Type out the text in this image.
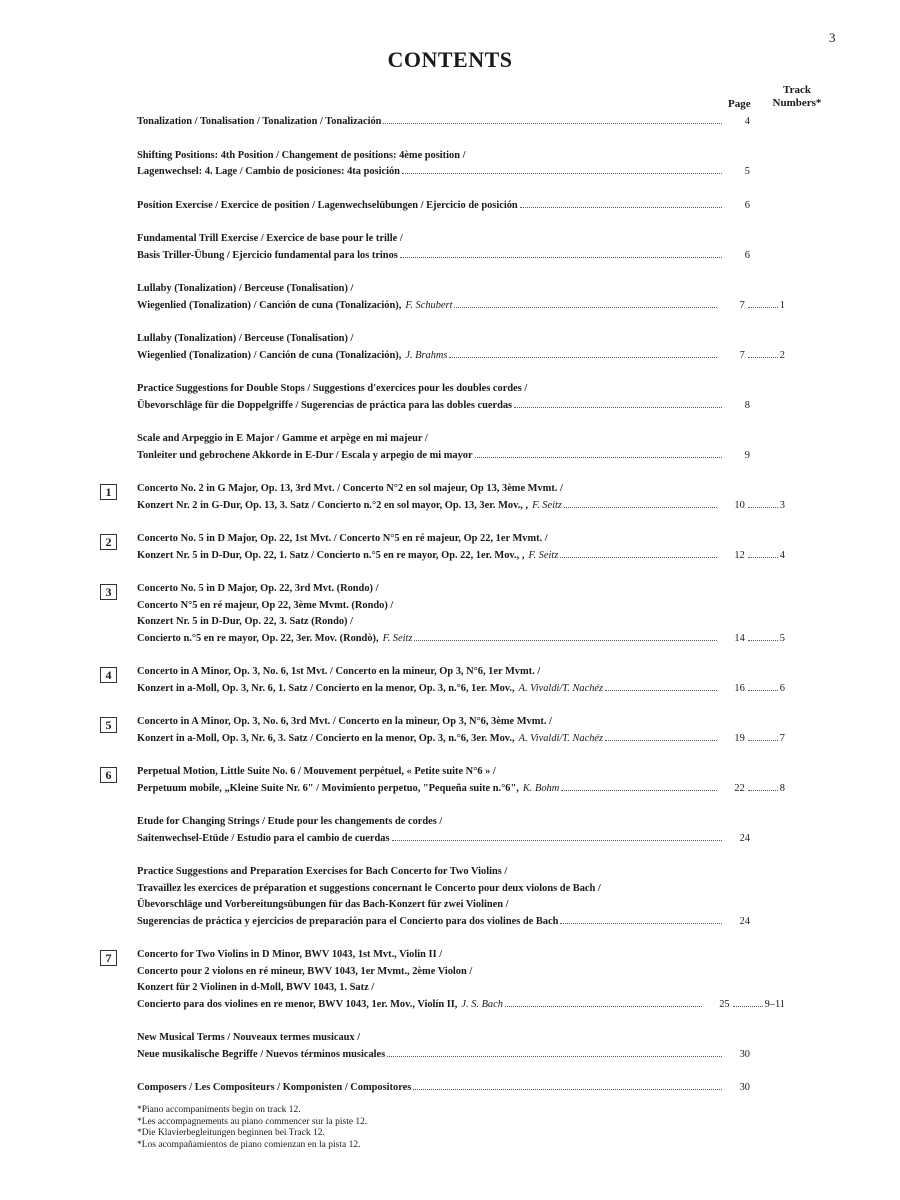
3
CONTENTS
Page
Track
Numbers*
Tonalization / Tonalisation / Tonalization / Tonalización	4
Shifting Positions: 4th Position / Changement de positions: 4ème position /
Lagenwechsel: 4. Lage / Cambio de posiciones: 4ta posición	5
Position Exercise / Exercice de position / Lagenwechselübungen / Ejercicio de posición	6
Fundamental Trill Exercise / Exercice de base pour le trille /
Basis Triller-Übung / Ejercicio fundamental para los trinos	6
Lullaby (Tonalization) / Berceuse (Tonalisation) /
Wiegenlied (Tonalization) / Canción de cuna (Tonalización), F. Schubert	7	1
Lullaby (Tonalization) / Berceuse (Tonalisation) /
Wiegenlied (Tonalization) / Canción de cuna (Tonalización), J. Brahms	7	2
Practice Suggestions for Double Stops / Suggestions d'exercices pour les doubles cordes /
Übevorschläge für die Doppelgriffe / Sugerencias de práctica para las dobles cuerdas	8
Scale and Arpeggio in E Major / Gamme et arpège en mi majeur /
Tonleiter und gebrochene Akkorde in E-Dur / Escala y arpegio de mi mayor	9
1	Concerto No. 2 in G Major, Op. 13, 3rd Mvt. / Concerto N°2 en sol majeur, Op 13, 3ème Mvmt. /
Konzert Nr. 2 in G-Dur, Op. 13, 3. Satz / Concierto n.°2 en sol mayor, Op. 13, 3er. Mov., , F. Seitz	10	3
2	Concerto No. 5 in D Major, Op. 22, 1st Mvt. / Concerto N°5 en ré majeur, Op 22, 1er Mvmt. /
Konzert Nr. 5 in D-Dur, Op. 22, 1. Satz / Concierto n.°5 en re mayor, Op. 22, 1er. Mov., , F. Seitz	12	4
3	Concerto No. 5 in D Major, Op. 22, 3rd Mvt. (Rondo) /
Concerto N°5 en ré majeur, Op 22, 3ème Mvmt. (Rondo) /
Konzert Nr. 5 in D-Dur, Op. 22, 3. Satz (Rondo) /
Concierto n.°5 en re mayor, Op. 22, 3er. Mov. (Rondò), F. Seitz	14	5
4	Concerto in A Minor, Op. 3, No. 6, 1st Mvt. / Concerto en la mineur, Op 3, N°6, 1er Mvmt. /
Konzert in a-Moll, Op. 3, Nr. 6, 1. Satz / Concierto en la menor, Op. 3, n.°6, 1er. Mov., A. Vivaldi/T. Nachéz	16	6
5	Concerto in A Minor, Op. 3, No. 6, 3rd Mvt. / Concerto en la mineur, Op 3, N°6, 3ème Mvmt. /
Konzert in a-Moll, Op. 3, Nr. 6, 3. Satz / Concierto en la menor, Op. 3, n.°6, 3er. Mov., A. Vivaldi/T. Nachéz	19	7
6	Perpetual Motion, Little Suite No. 6 / Mouvement perpétuel, « Petite suite N°6 » /
Perpetuum mobile, „Kleine Suite Nr. 6" / Movimiento perpetuo, "Pequeña suite n.°6", K. Bohm	22	8
Etude for Changing Strings / Etude pour les changements de cordes /
Saitenwechsel-Etüde / Estudio para el cambio de cuerdas	24
Practice Suggestions and Preparation Exercises for Bach Concerto for Two Violins /
Travaillez les exercices de préparation et suggestions concernant le Concerto pour deux violons de Bach /
Übevorschläge und Vorbereitungsübungen für das Bach-Konzert für zwei Violinen /
Sugerencias de práctica y ejercicios de preparación para el Concierto para dos violines de Bach	24
7	Concerto for Two Violins in D Minor, BWV 1043, 1st Mvt., Violin II /
Concerto pour 2 violons en ré mineur, BWV 1043, 1er Mvmt., 2ème Violon /
Konzert für 2 Violinen in d-Moll, BWV 1043, 1. Satz /
Concierto para dos violines en re menor, BWV 1043, 1er. Mov., Violín II, J. S. Bach	25	9–11
New Musical Terms / Nouveaux termes musicaux /
Neue musikalische Begriffe / Nuevos términos musicales	30
Composers / Les Compositeurs / Komponisten / Compositores	30
*Piano accompaniments begin on track 12.
*Les accompagnements au piano commencer sur la piste 12.
*Die Klavierbegleitungen beginnen bei Track 12.
*Los acompañamientos de piano comienzan en la pista 12.
